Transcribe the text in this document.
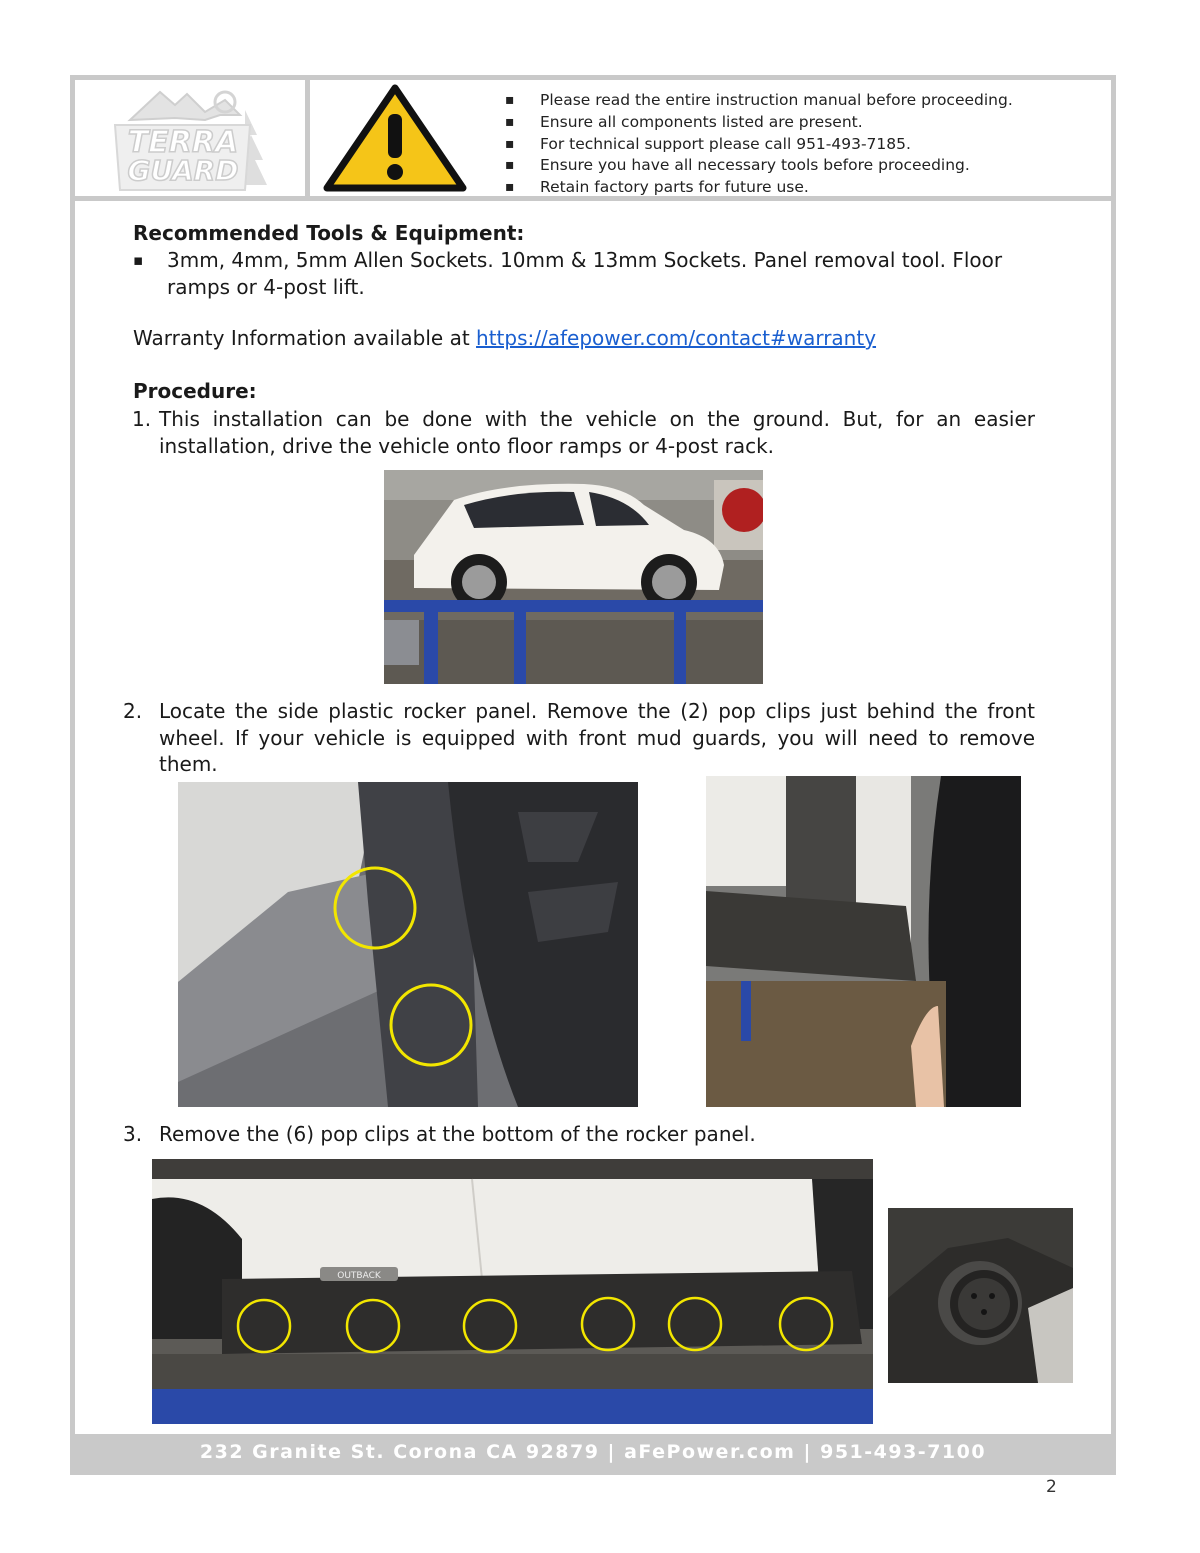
TERRA
GUARD
▪ Please read the entire instruction manual before proceeding.
▪ Ensure all components listed are present.
▪ For technical support please call 951-493-7185.
▪ Ensure you have all necessary tools before proceeding.
▪ Retain factory parts for future use.
Recommended Tools & Equipment:
▪ 3mm, 4mm, 5mm Allen Sockets. 10mm & 13mm Sockets. Panel removal tool. Floor ramps or 4-post lift.
Warranty Information available at https://afepower.com/contact#warranty
Procedure:
1. This installation can be done with the vehicle on the ground. But, for an easier installation, drive the vehicle onto floor ramps or 4-post rack.
2. Locate the side plastic rocker panel. Remove the (2) pop clips just behind the front wheel. If your vehicle is equipped with front mud guards, you will need to remove them.
3. Remove the (6) pop clips at the bottom of the rocker panel.
OUTBACK
232 Granite St. Corona CA 92879 | aFePower.com | 951-493-7100
2
